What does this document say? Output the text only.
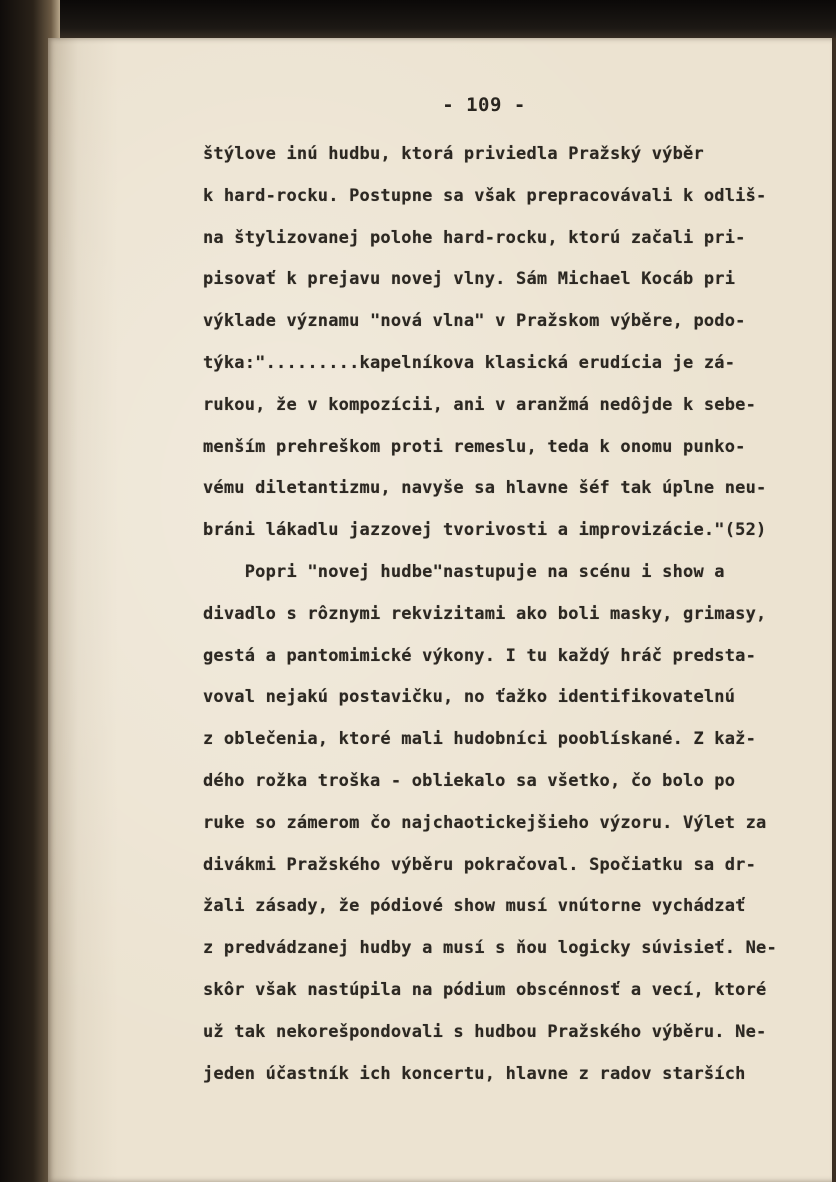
- 109 -
štýlove inú hudbu, ktorá priviedla Pražský výběr
k hard-rocku. Postupne sa však prepracovávali k odliš-
na štylizovanej polohe hard-rocku, ktorú začali pri-
pisovať k prejavu novej vlny. Sám Michael Kocáb pri
výklade významu "nová vlna" v Pražskom výběre, podo-
týka:".........kapelníkova klasická erudícia je zá-
rukou, že v kompozícii, ani v aranžmá nedôjde k sebe-
menším prehreškom proti remeslu, teda k onomu punko-
vému diletantizmu, navyše sa hlavne šéf tak úplne neu-
bráni lákadlu jazzovej tvorivosti a improvizácie."(52)
Popri "novej hudbe"nastupuje na scénu i show a
divadlo s rôznymi rekvizitami ako boli masky, grimasy,
gestá a pantomimické výkony. I tu každý hráč predsta-
voval nejakú postavičku, no ťažko identifikovatelnú
z oblečenia, ktoré mali hudobníci pooblískané. Z kaž-
dého rožka troška - obliekalo sa všetko, čo bolo po
ruke so zámerom čo najchaotickejšieho výzoru. Výlet za
divákmi Pražského výběru pokračoval. Spočiatku sa dr-
žali zásady, že pódiové show musí vnútorne vychádzať
z predvádzanej hudby a musí s ňou logicky súvisieť. Ne-
skôr však nastúpila na pódium obscénnosť a vecí, ktoré
už tak nekorešpondovali s hudbou Pražského výběru. Ne-
jeden účastník ich koncertu, hlavne z radov starších
